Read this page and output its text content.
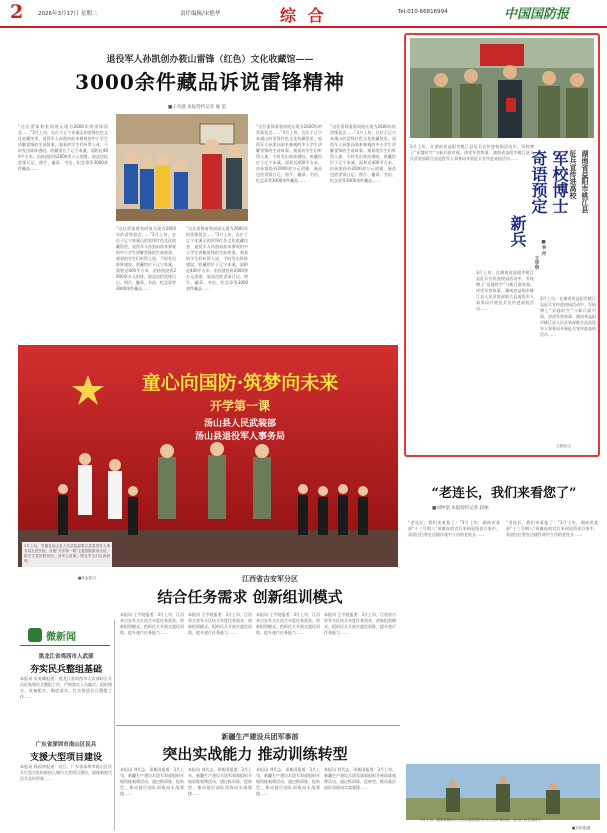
2	2026年3月17日 星期二	责任编辑/宋艳华	综 合	Tel:010-66816994	中国国防报
退役军人孙凯创办筱山雷锋（红色）文化收藏馆——
3000余件藏品诉说雷锋精神
■王舟游 本报特约记者 雍 雷
“这位雷锋着装同展无现为2600年的雷锋留念……”3月上旬，在位于辽宁本溪山的雷锋红色文化收藏馆里，退役军人孙凯向前来参观的中小学生讲解雷锋的生前故事。观看的学生们听得入迷，不时发出阵阵感叹。收藏馆位于辽宁本溪，面积近400平方米，由孙凯投资2000余万元创建，展品包括雷锋日记、照片、徽章、书信、纪念章等3000余件藏品……
“这位雷锋着装同展无现为2600年的雷锋留念……”3月上旬，在位于辽宁本溪山的雷锋红色文化收藏馆里，退役军人孙凯向前来参观的中小学生讲解雷锋的生前故事。观看的学生们听得入迷，不时发出阵阵感叹。收藏馆位于辽宁本溪，面积近400平方米，由孙凯投资2000余万元创建，展品包括雷锋日记、照片、徽章、书信、纪念章等3000余件藏品……
“这位雷锋着装同展无现为2600年的雷锋留念……”3月上旬，在位于辽宁本溪山的雷锋红色文化收藏馆里，退役军人孙凯向前来参观的中小学生讲解雷锋的生前故事。观看的学生们听得入迷，不时发出阵阵感叹。收藏馆位于辽宁本溪，面积近400平方米，由孙凯投资2000余万元创建，展品包括雷锋日记、照片、徽章、书信、纪念章等3000余件藏品……
“这位雷锋着装同展无现为2600年的雷锋留念……”3月上旬，在位于辽宁本溪山的雷锋红色文化收藏馆里，退役军人孙凯向前来参观的中小学生讲解雷锋的生前故事。观看的学生们听得入迷，不时发出阵阵感叹。收藏馆位于辽宁本溪，面积近400平方米，由孙凯投资2000余万元创建，展品包括雷锋日记、照片、徽章、书信、纪念章等3000余件藏品……
“这位雷锋着装同展无现为2600年的雷锋留念……”3月上旬，在位于辽宁本溪山的雷锋红色文化收藏馆里，退役军人孙凯向前来参观的中小学生讲解雷锋的生前故事。观看的学生们听得入迷，不时发出阵阵感叹。收藏馆位于辽宁本溪，面积近400平方米，由孙凯投资2000余万元创建，展品包括雷锋日记、照片、徽章、书信、纪念章等3000余件藏品……
童心向国防·筑梦向未来
开学第一课
汤山县人民武装部
汤山县退役军人事务局
3月上旬，安徽省汤山县人民武装部联合县退役军人事务局走进学校，开展“开学第一课”主题国防教育活动，给学生讲国防知识、讲军人故事。图为学生们认真聆听。
■李金春/文
3月上旬，在湖南省益阳市桃江县征兵宣传进校园活动中，军校博士“穿越时空”与新兵面对面，讲述军营故事。湖南省益阳市桃江县人民武装部联合县退役军人事务局开展征兵宣传进高校活动……
3月上旬，在湖南省益阳市桃江县征兵宣传进校园活动中，军校博士“穿越时空”与新兵面对面，讲述军营故事。湖南省益阳市桃江县人民武装部联合县退役军人事务局开展征兵宣传进高校活动……
3月上旬，在湖南省益阳市桃江县征兵宣传进校园活动中，军校博士“穿越时空”与新兵面对面，讲述军营故事。湖南省益阳市桃江县人民武装部联合县退役军人事务局开展征兵宣传进高校活动……
湖南省益阳市桃江县
征兵宣传进高校
军校博士
奇语预定
新兵
■李 肖
王学明
王蔚怡/文
“老连长，我们来看您了”
■刘仲瑞 本报特约记者 段丽
“老连长，我们来看您了！”3月上旬，湖南省某部“十三号钢八”英雄连的官兵来到退役老兵家中，看望这位曾在边境作战中立功的老连长……
“老连长，我们来看您了！”3月上旬，湖南省某部“十三号钢八”英雄连的官兵来到退役老兵家中，看望这位曾在边境作战中立功的老连长……
3月上旬，湖南省株洲市人民武装部组织民兵开展军事训练，图为民兵在训练中。
■宋世雄/摄
江西省吉安军分区
结合任务需求 创新组训模式
本报讯 王宇骁报道：3月上旬，江西省吉安军分区结合年度任务需求，创新组训模式，组织民兵开展实战化训练，提升遂行任务能力……
本报讯 王宇骁报道：3月上旬，江西省吉安军分区结合年度任务需求，创新组训模式，组织民兵开展实战化训练，提升遂行任务能力……
本报讯 王宇骁报道：3月上旬，江西省吉安军分区结合年度任务需求，创新组训模式，组织民兵开展实战化训练，提升遂行任务能力……
本报讯 王宇骁报道：3月上旬，江西省吉安军分区结合年度任务需求，创新组训模式，组织民兵开展实战化训练，提升遂行任务能力……
新疆生产建设兵团军事部
突出实战能力 推动训练转型
本报讯 刘代志、邓新国报道：3月上旬，新疆生产建设兵团军事部组织开展训练观摩活动，通过抓训练、促转型，推动基层部队训练向实战靠拢……
本报讯 刘代志、邓新国报道：3月上旬，新疆生产建设兵团军事部组织开展训练观摩活动，通过抓训练、促转型，推动基层部队训练向实战靠拢……
本报讯 刘代志、邓新国报道：3月上旬，新疆生产建设兵团军事部组织开展训练观摩活动，通过抓训练、促转型，推动基层部队训练向实战靠拢……
本报讯 刘代志、邓新国报道：3月上旬，新疆生产建设兵团军事部组织开展训练观摩活动，通过抓训练、促转型，推动基层部队训练向实战靠拢……
微新闻
黑龙江省鸡西市人武部
夯实民兵整组基础
本报讯 吴英峰报道：黑龙江省鸡西市人武部结合兵员征集和民兵整组工作，严格落实人员编实、组织建实、装备配实、制度落实，扎实推进民兵整组工作……
广东省深圳市南山区民兵
支援大型项目建设
本报讯 杨国华报道：近日，广东省深圳市南山区民兵应急分队积极投入城市大型项目建设，展现新时代民兵良好形象……
